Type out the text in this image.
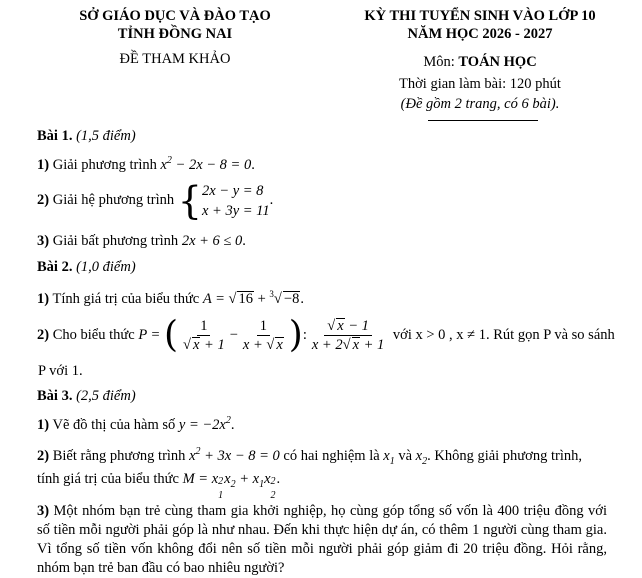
SỞ GIÁO DỤC VÀ ĐÀO TẠO
TỈNH ĐỒNG NAI
ĐỀ THAM KHẢO
KỲ THI TUYỂN SINH VÀO LỚP 10
NĂM HỌC 2026 - 2027
Môn: TOÁN HỌC
Thời gian làm bài: 120 phút
(Đề gồm 2 trang, có 6 bài).
Bài 1. (1,5 điểm)
1) Giải phương trình $x^2 - 2x - 8 = 0$.
2) Giải hệ phương trình { 2x − y = 8
x + 3y = 11
.
3) Giải bất phương trình 2x + 6 ≤ 0.
Bài 2. (1,0 điểm)
1) Tính giá trị của biểu thức A = √ 16 + $^3$√ −8.
2) Cho biểu thức P = ( $\frac{1}{√ x + 1} - \frac{1}{x + √ x}$ ): $\frac{√ x - 1}{x + 2√ x + 1}$ với x > 0 , x ≠ 1. Rút gọn P và so sánh
P với 1.
Bài 3. (2,5 điểm)
1) Vẽ đồ thị của hàm số $y = -2x^2$.
2) Biết rằng phương trình $x^2 + 3x - 8 = 0$ có hai nghiệm là $x_1$ và $x_2$. Không giải phương trình,
tính giá trị của biểu thức M = x 2
1
$x_2 + x_1x$ 2
2
.
3) Một nhóm bạn trẻ cùng tham gia khởi nghiệp, họ cùng góp tổng số vốn là 400 triệu đồng với số tiền mỗi người phải góp là như nhau. Đến khi thực hiện dự án, có thêm 1 người cùng tham gia. Vì tổng số tiền vốn không đổi nên số tiền mỗi người phải góp giảm đi 20 triệu đồng. Hỏi rằng, nhóm bạn trẻ ban đầu có bao nhiêu người?
